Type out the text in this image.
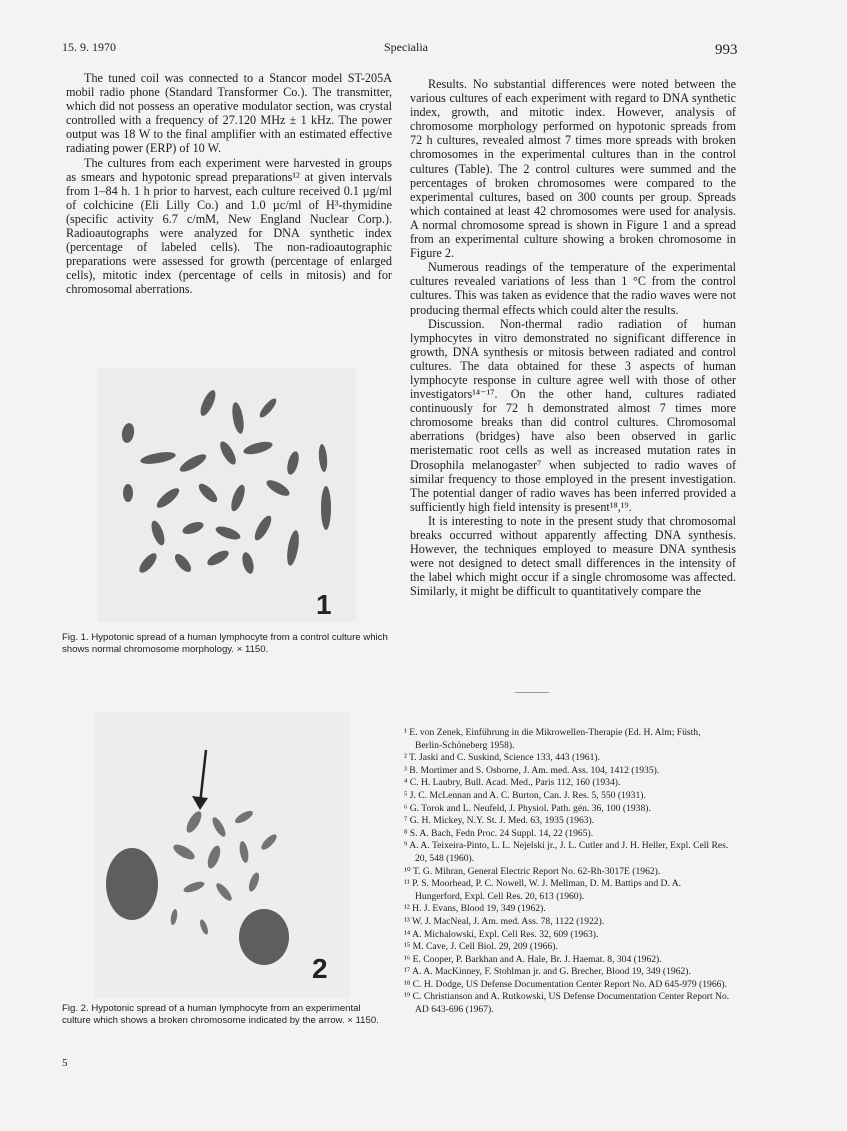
15. 9. 1970	Specialia	993

The tuned coil was connected to a Stancor model ST-205A mobil radio phone (Standard Transformer Co.). The transmitter, which did not possess an operative modulator section, was crystal controlled with a frequency of 27.120 MHz ± 1 kHz. The power output was 18 W to the final amplifier with an estimated effective radiating power (ERP) of 10 W.

The cultures from each experiment were harvested in groups as smears and hypotonic spread preparations¹² at given intervals from 1–84 h. 1 h prior to harvest, each culture received 0.1 µg/ml of colchicine (Eli Lilly Co.) and 1.0 µc/ml of H³-thymidine (specific activity 6.7 c/mM, New England Nuclear Corp.). Radioautographs were analyzed for DNA synthetic index (percentage of labeled cells). The non-radioautographic preparations were assessed for growth (percentage of enlarged cells), mitotic index (percentage of cells in mitosis) and for chromosomal aberrations.

Results. No substantial differences were noted between the various cultures of each experiment with regard to DNA synthetic index, growth, and mitotic index. However, analysis of chromosome morphology performed on hypotonic spreads from 72 h cultures, revealed almost 7 times more spreads with broken chromosomes in the experimental cultures than in the control cultures (Table). The 2 control cultures were summed and the percentages of broken chromosomes were compared to the experimental cultures, based on 300 counts per group. Spreads which contained at least 42 chromosomes were used for analysis. A normal chromosome spread is shown in Figure 1 and a spread from an experimental culture showing a broken chromosome in Figure 2.

Numerous readings of the temperature of the experimental cultures revealed variations of less than 1 °C from the control cultures. This was taken as evidence that the radio waves were not producing thermal effects which could alter the results.

Discussion. Non-thermal radio radiation of human lymphocytes in vitro demonstrated no significant difference in growth, DNA synthesis or mitosis between radiated and control cultures. The data obtained for these 3 aspects of human lymphocyte response in culture agree well with those of other investigators¹⁴⁻¹⁷. On the other hand, cultures radiated continuously for 72 h demonstrated almost 7 times more chromosome breaks than did control cultures. Chromosomal aberrations (bridges) have also been observed in garlic meristematic root cells as well as increased mutation rates in Drosophila melanogaster⁷ when subjected to radio waves of similar frequency to those employed in the present investigation. The potential danger of radio waves has been inferred provided a sufficiently high field intensity is present¹⁸,¹⁹.

It is interesting to note in the present study that chromosomal breaks occurred without apparently affecting DNA synthesis. However, the techniques employed to measure DNA synthesis were not designed to detect small differences in the intensity of the label which might occur if a single chromosome was affected. Similarly, it might be difficult to quantitatively compare the

1
Fig. 1. Hypotonic spread of a human lymphocyte from a control culture which shows normal chromosome morphology. × 1150.
2
Fig. 2. Hypotonic spread of a human lymphocyte from an experimental culture which shows a broken chromosome indicated by the arrow. × 1150.
¹ E. von Zenek, Einführung in die Mikrowellen-Therapie (Ed. H. Alm; Füsth, Berlin-Schöneberg 1958).
² T. Jaski and C. Suskind, Science 133, 443 (1961).
³ B. Mortimer and S. Osborne, J. Am. med. Ass. 104, 1412 (1935).
⁴ C. H. Laubry, Bull. Acad. Med., Paris 112, 160 (1934).
⁵ J. C. McLennan and A. C. Burton, Can. J. Res. 5, 550 (1931).
⁶ G. Torok and L. Neufeld, J. Physiol. Path. gén. 36, 100 (1938).
⁷ G. H. Mickey, N.Y. St. J. Med. 63, 1935 (1963).
⁸ S. A. Bach, Fedn Proc. 24 Suppl. 14, 22 (1965).
⁹ A. A. Teixeira-Pinto, L. L. Nejelski jr., J. L. Cutler and J. H. Heller, Expl. Cell Res. 20, 548 (1960).
¹⁰ T. G. Mihran, General Electric Report No. 62-Rh-3017E (1962).
¹¹ P. S. Moorhead, P. C. Nowell, W. J. Mellman, D. M. Battips and D. A. Hungerford, Expl. Cell Res. 20, 613 (1960).
¹² H. J. Evans, Blood 19, 349 (1962).
¹³ W. J. MacNeal, J. Am. med. Ass. 78, 1122 (1922).
¹⁴ A. Michalowski, Expl. Cell Res. 32, 609 (1963).
¹⁵ M. Cave, J. Cell Biol. 29, 209 (1966).
¹⁶ E. Cooper, P. Barkhan and A. Hale, Br. J. Haemat. 8, 304 (1962).
¹⁷ A. A. MacKinney, F. Stohlman jr. and G. Brecher, Blood 19, 349 (1962).
¹⁸ C. H. Dodge, US Defense Documentation Center Report No. AD 645-979 (1966).
¹⁹ C. Christianson and A. Rutkowski, US Defense Documentation Center Report No. AD 643-696 (1967).
5
